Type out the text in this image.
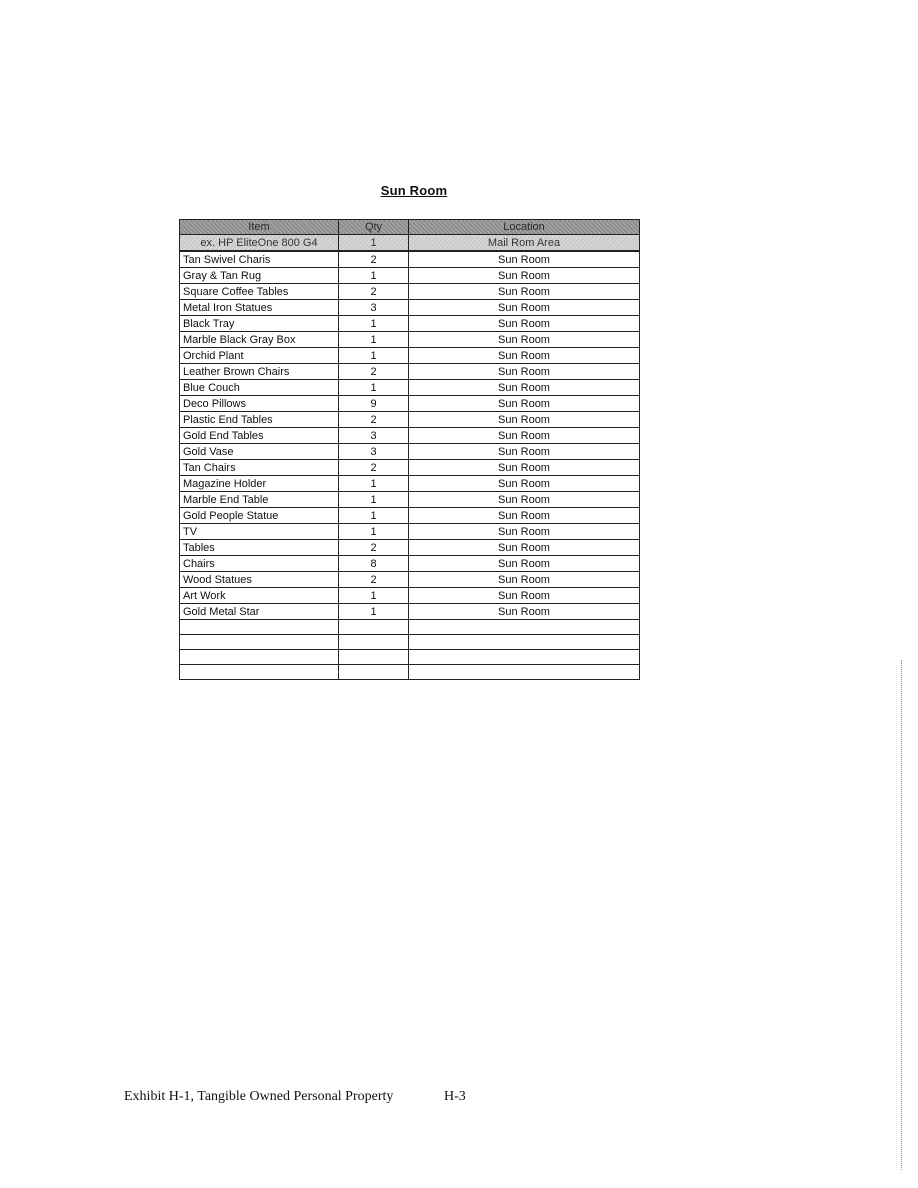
Sun Room
Item	Qty	Location
ex. HP EliteOne 800 G4	1	Mail Rom Area
Tan Swivel Charis	2	Sun Room
Gray & Tan Rug	1	Sun Room
Square Coffee Tables	2	Sun Room
Metal Iron Statues	3	Sun Room
Black Tray	1	Sun Room
Marble Black Gray Box	1	Sun Room
Orchid Plant	1	Sun Room
Leather Brown Chairs	2	Sun Room
Blue Couch	1	Sun Room
Deco Pillows	9	Sun Room
Plastic End Tables	2	Sun Room
Gold End Tables	3	Sun Room
Gold Vase	3	Sun Room
Tan Chairs	2	Sun Room
Magazine Holder	1	Sun Room
Marble End Table	1	Sun Room
Gold People Statue	1	Sun Room
TV	1	Sun Room
Tables	2	Sun Room
Chairs	8	Sun Room
Wood Statues	2	Sun Room
Art Work	1	Sun Room
Gold Metal Star	1	Sun Room

Exhibit H-1, Tangible Owned Personal Property	H-3
